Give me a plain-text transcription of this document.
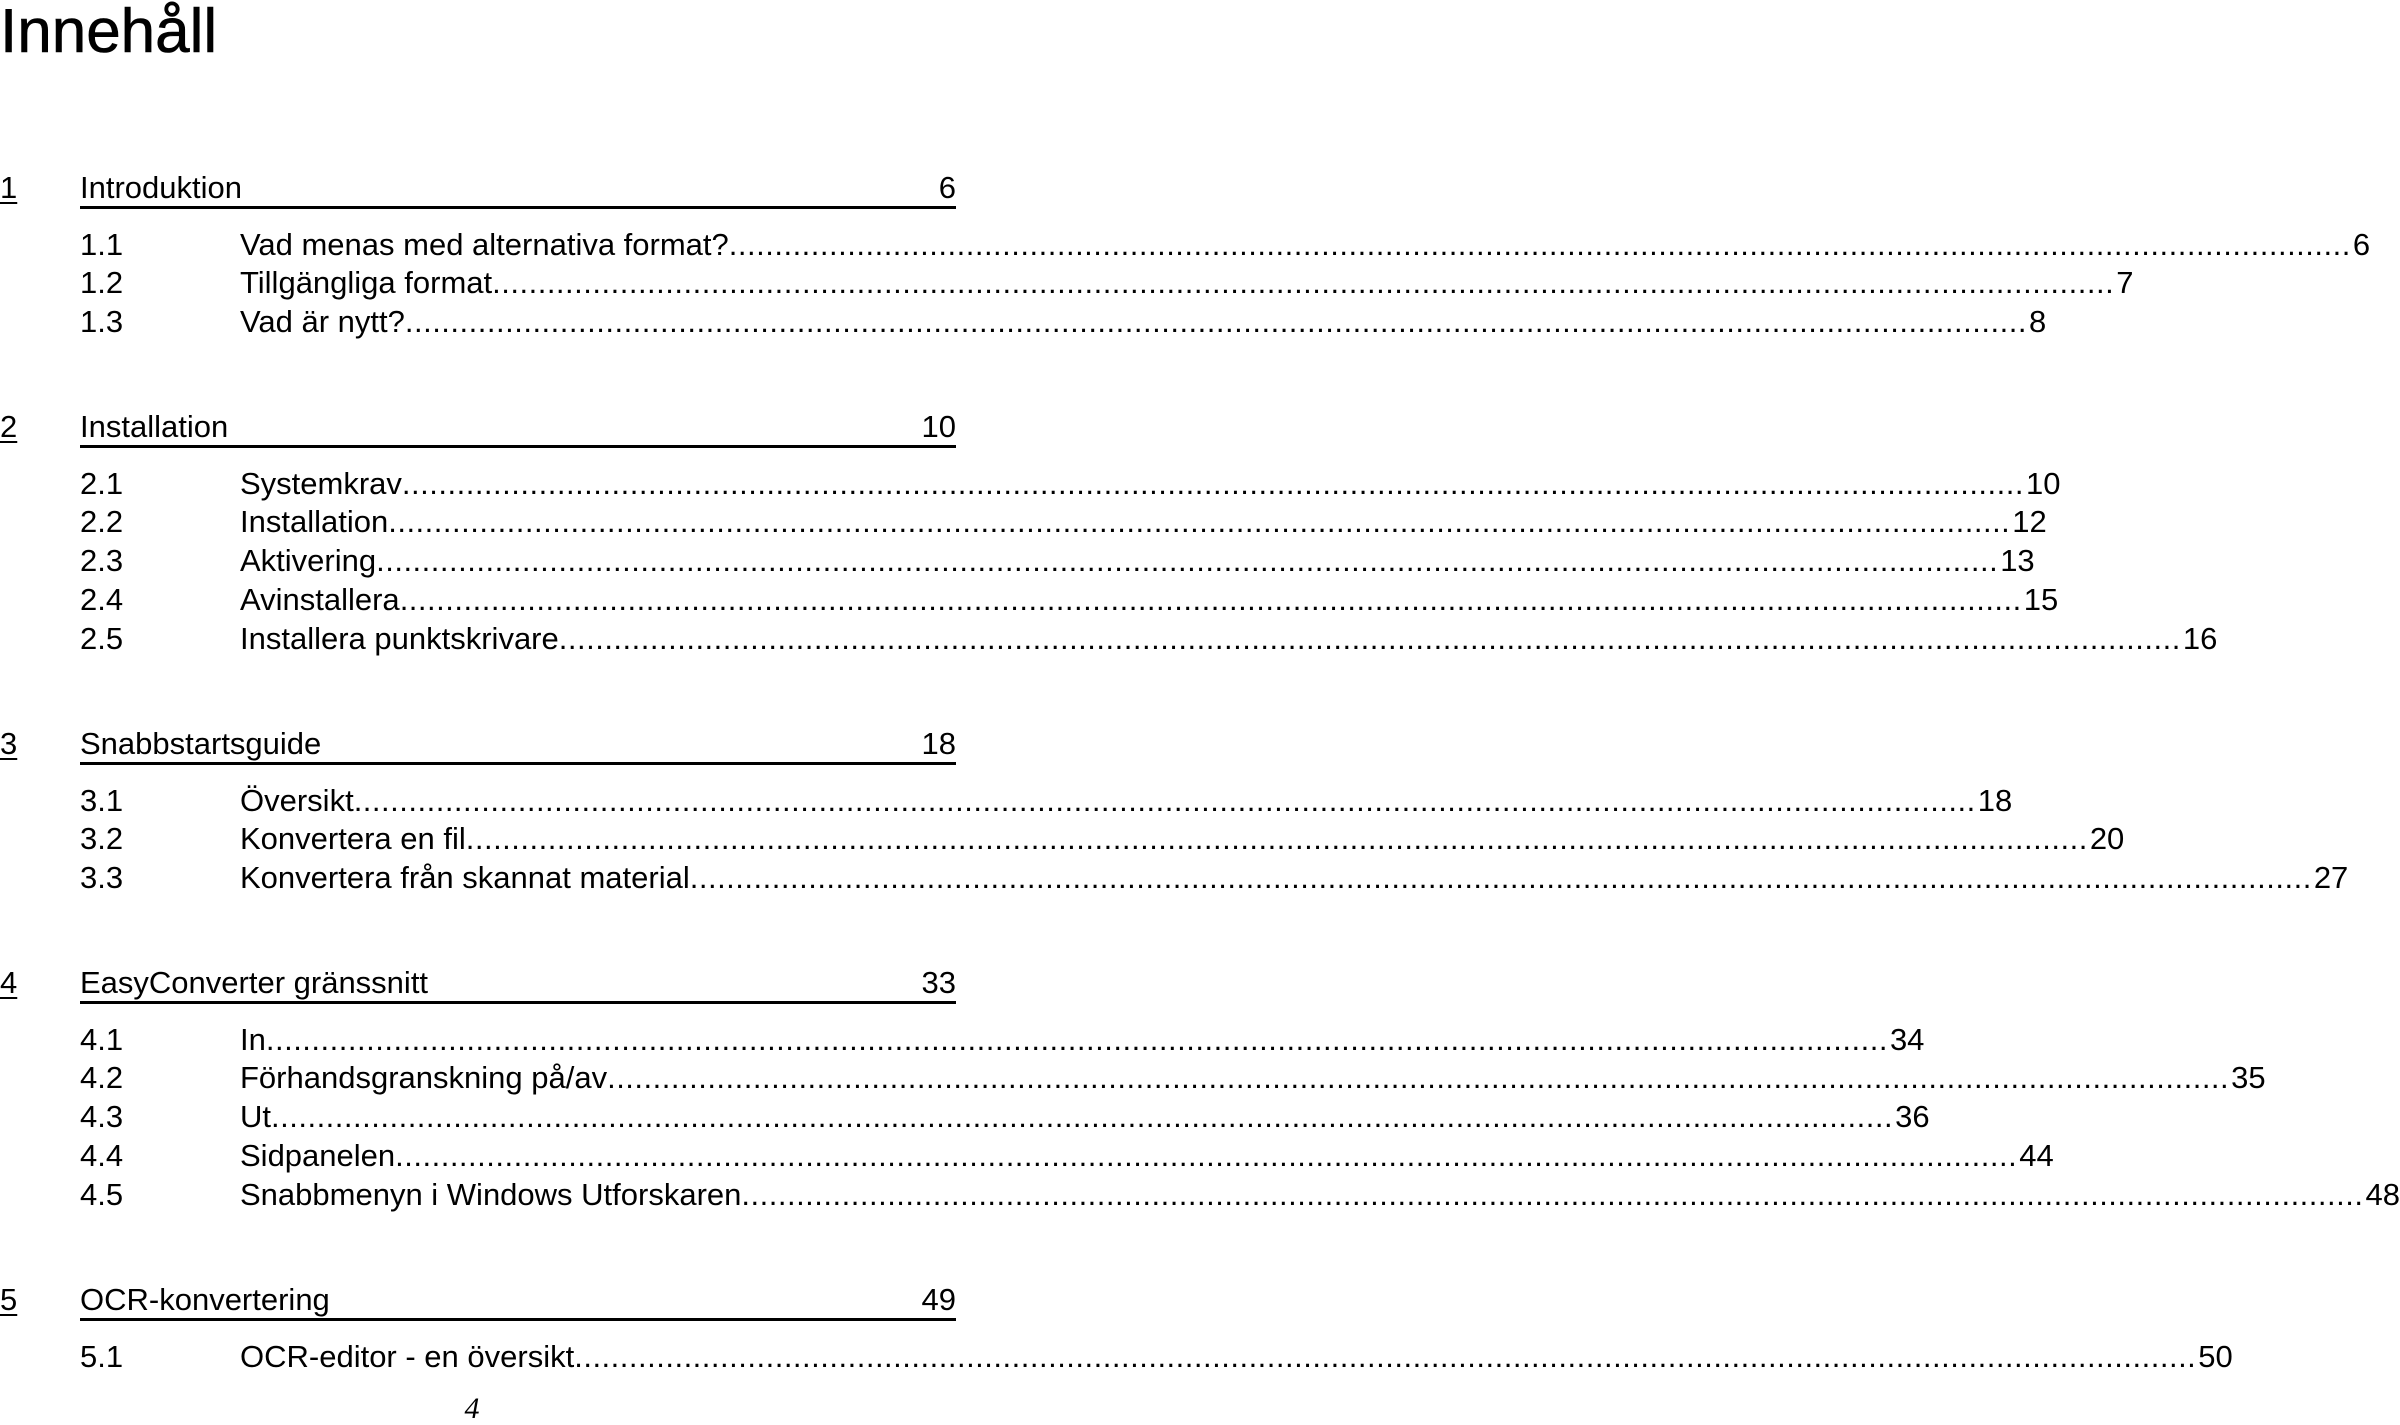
Innehåll
1 Introduktion	6
1.1	Vad menas med alternativa format? .................................................................................................................................................................................. 6
1.2	Tillgängliga format .................................................................................................................................................................................. 7
1.3	Vad är nytt? .................................................................................................................................................................................. 8
2 Installation	10
2.1	Systemkrav .................................................................................................................................................................................. 10
2.2	Installation .................................................................................................................................................................................. 12
2.3	Aktivering .................................................................................................................................................................................. 13
2.4	Avinstallera .................................................................................................................................................................................. 15
2.5	Installera punktskrivare .................................................................................................................................................................................. 16
3 Snabbstartsguide	18
3.1	Översikt .................................................................................................................................................................................. 18
3.2	Konvertera en fil .................................................................................................................................................................................. 20
3.3	Konvertera från skannat material .................................................................................................................................................................................. 27
4 EasyConverter gränssnitt	33
4.1	In .................................................................................................................................................................................. 34
4.2	Förhandsgranskning på/av .................................................................................................................................................................................. 35
4.3	Ut .................................................................................................................................................................................. 36
4.4	Sidpanelen .................................................................................................................................................................................. 44
4.5	Snabbmenyn i Windows Utforskaren .................................................................................................................................................................................. 48
5 OCR-konvertering	49
5.1	OCR-editor - en översikt .................................................................................................................................................................................. 50
4
